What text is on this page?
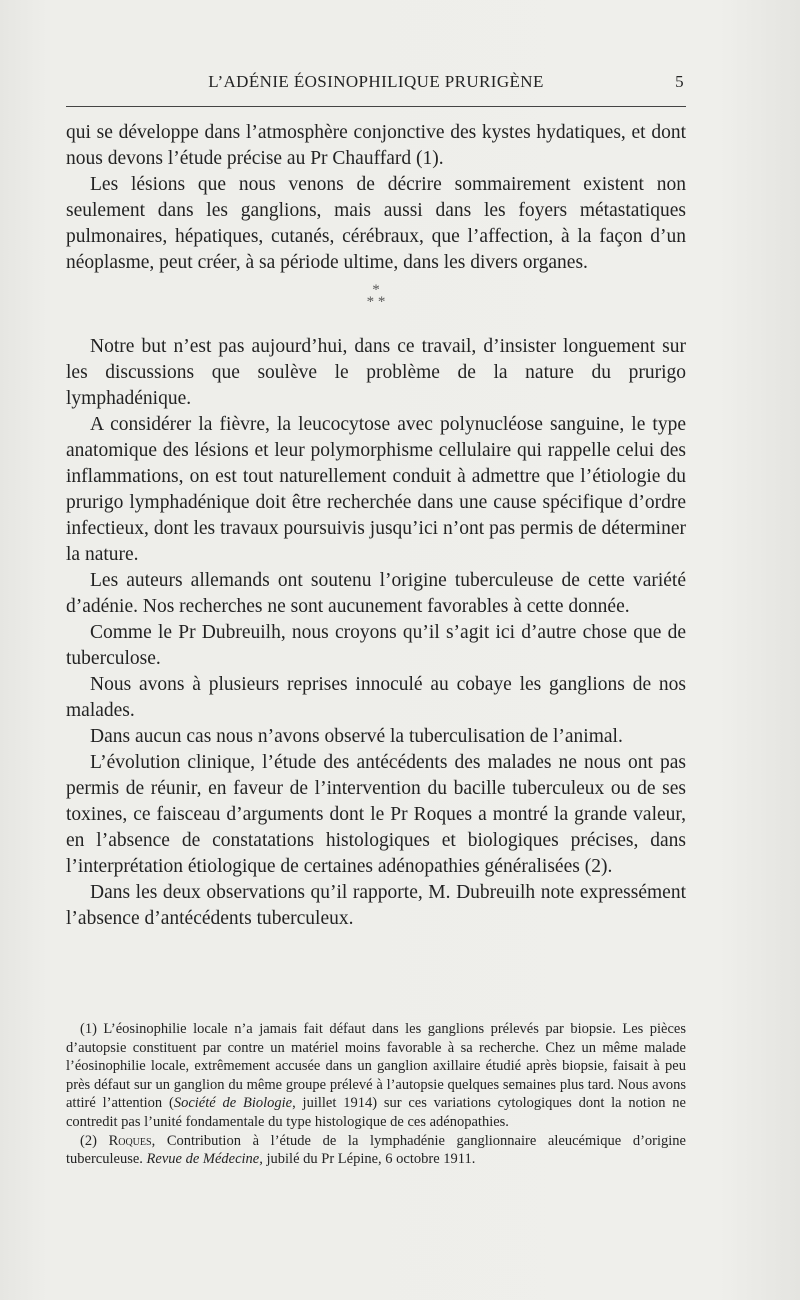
L’ADÉNIE ÉOSINOPHILIQUE PRURIGÈNE	5

qui se développe dans l’atmosphère conjonctive des kystes hydatiques, et dont nous devons l’étude précise au Pr Chauffard (1).

Les lésions que nous venons de décrire sommairement existent non seulement dans les ganglions, mais aussi dans les foyers métastatiques pulmonaires, hépatiques, cutanés, cérébraux, que l’affection, à la façon d’un néoplasme, peut créer, à sa période ultime, dans les divers organes.

*
* *

Notre but n’est pas aujourd’hui, dans ce travail, d’insister longuement sur les discussions que soulève le problème de la nature du prurigo lymphadénique.

A considérer la fièvre, la leucocytose avec polynucléose sanguine, le type anatomique des lésions et leur polymorphisme cellulaire qui rappelle celui des inflammations, on est tout naturellement conduit à admettre que l’étiologie du prurigo lymphadénique doit être recherchée dans une cause spécifique d’ordre infectieux, dont les travaux poursuivis jusqu’ici n’ont pas permis de déterminer la nature.

Les auteurs allemands ont soutenu l’origine tuberculeuse de cette variété d’adénie. Nos recherches ne sont aucunement favorables à cette donnée.

Comme le Pr Dubreuilh, nous croyons qu’il s’agit ici d’autre chose que de tuberculose.

Nous avons à plusieurs reprises innoculé au cobaye les ganglions de nos malades.

Dans aucun cas nous n’avons observé la tuberculisation de l’animal.

L’évolution clinique, l’étude des antécédents des malades ne nous ont pas permis de réunir, en faveur de l’intervention du bacille tuberculeux ou de ses toxines, ce faisceau d’arguments dont le Pr Roques a montré la grande valeur, en l’absence de constatations histologiques et biologiques précises, dans l’interprétation étiologique de certaines adénopathies généralisées (2).

Dans les deux observations qu’il rapporte, M. Dubreuilh note expressément l’absence d’antécédents tuberculeux.

(1) L’éosinophilie locale n’a jamais fait défaut dans les ganglions prélevés par biopsie. Les pièces d’autopsie constituent par contre un matériel moins favorable à sa recherche. Chez un même malade l’éosinophilie locale, extrêmement accusée dans un ganglion axillaire étudié après biopsie, faisait à peu près défaut sur un ganglion du même groupe prélevé à l’autopsie quelques semaines plus tard. Nous avons attiré l’attention (Société de Biologie, juillet 1914) sur ces variations cytologiques dont la notion ne contredit pas l’unité fondamentale du type histologique de ces adénopathies.

(2) Roques, Contribution à l’étude de la lymphadénie ganglionnaire aleucémique d’origine tuberculeuse. Revue de Médecine, jubilé du Pr Lépine, 6 octobre 1911.
